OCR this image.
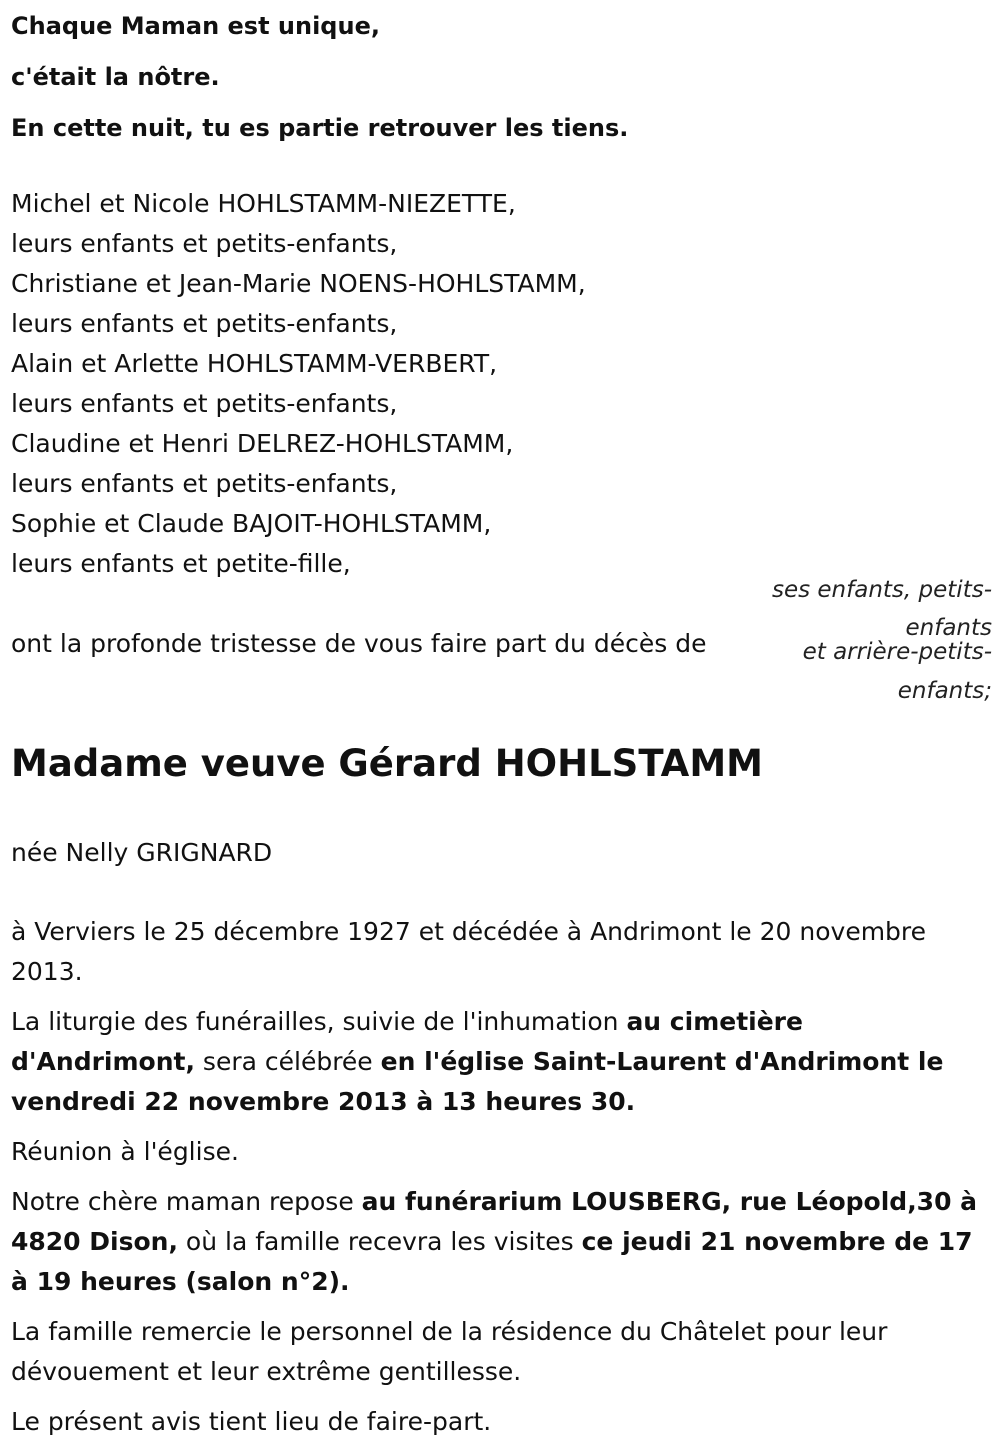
Chaque Maman est unique,
c'était la nôtre.
En cette nuit, tu es partie retrouver les tiens.
Michel et Nicole HOHLSTAMM-NIEZETTE,
leurs enfants et petits-enfants,
Christiane et Jean-Marie NOENS-HOHLSTAMM,
leurs enfants et petits-enfants,
Alain et Arlette HOHLSTAMM-VERBERT,
leurs enfants et petits-enfants,
Claudine et Henri DELREZ-HOHLSTAMM,
leurs enfants et petits-enfants,
Sophie et Claude BAJOIT-HOHLSTAMM,
leurs enfants et petite-fille,
ses enfants, petits-
enfants
et arrière-petits-
enfants;
ont la profonde tristesse de vous faire part du décès de
Madame veuve Gérard HOHLSTAMM
née Nelly GRIGNARD

à Verviers le 25 décembre 1927 et décédée à Andrimont le 20 novembre 2013.

La liturgie des funérailles, suivie de l'inhumation au cimetière d'Andrimont, sera célébrée en l'église Saint-Laurent d'Andrimont le vendredi 22 novembre 2013 à 13 heures 30.

Réunion à l'église.

Notre chère maman repose au funérarium LOUSBERG, rue Léopold,30 à 4820 Dison, où la famille recevra les visites ce jeudi 21 novembre de 17 à 19 heures (salon n°2).

La famille remercie le personnel de la résidence du Châtelet pour leur dévouement et leur extrême gentillesse.

Le présent avis tient lieu de faire-part.
